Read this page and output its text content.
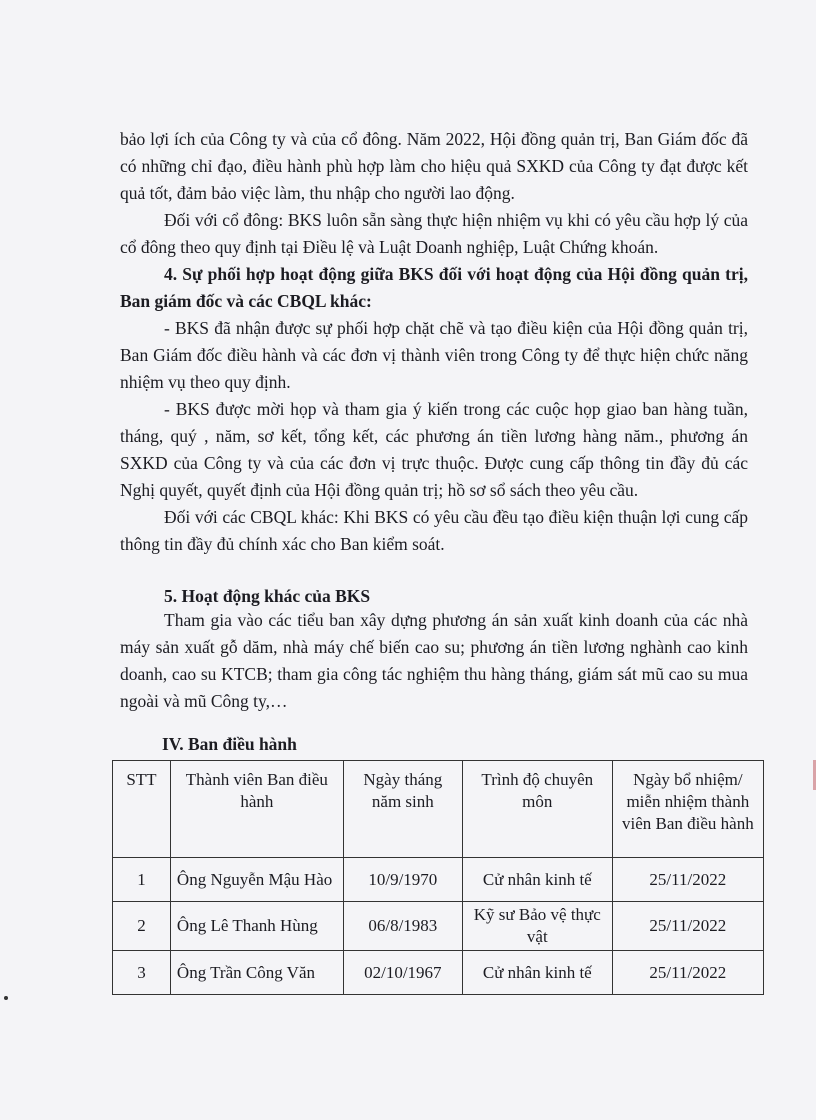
bảo lợi ích của Công ty và của cổ đông. Năm 2022, Hội đồng quản trị, Ban Giám đốc đã có những chỉ đạo, điều hành phù hợp làm cho hiệu quả SXKD của Công ty đạt được kết quả tốt, đảm bảo việc làm, thu nhập cho người lao động.

Đối với cổ đông: BKS luôn sẵn sàng thực hiện nhiệm vụ khi có yêu cầu hợp lý của cổ đông theo quy định tại Điều lệ và Luật Doanh nghiệp, Luật Chứng khoán.

4. Sự phối hợp hoạt động giữa BKS đối với hoạt động của Hội đồng quản trị, Ban giám đốc và các CBQL khác:

- BKS đã nhận được sự phối hợp chặt chẽ và tạo điều kiện của Hội đồng quản trị, Ban Giám đốc điều hành và các đơn vị thành viên trong Công ty để thực hiện chức năng nhiệm vụ theo quy định.

- BKS được mời họp và tham gia ý kiến trong các cuộc họp giao ban hàng tuần, tháng, quý , năm, sơ kết, tổng kết, các phương án tiền lương hàng năm., phương án SXKD của Công ty và của các đơn vị trực thuộc. Được cung cấp thông tin đầy đủ các Nghị quyết, quyết định của Hội đồng quản trị; hồ sơ sổ sách theo yêu cầu.

Đối với các CBQL khác: Khi BKS có yêu cầu đều tạo điều kiện thuận lợi cung cấp thông tin đầy đủ chính xác cho Ban kiểm soát.

5. Hoạt động khác của BKS

Tham gia vào các tiểu ban xây dựng phương án sản xuất kinh doanh của các nhà máy sản xuất gỗ dăm, nhà máy chế biến cao su; phương án tiền lương nghành cao kinh doanh, cao su KTCB; tham gia công tác nghiệm thu hàng tháng, giám sát mũ cao su mua ngoài và mũ Công ty,…

IV. Ban điều hành

STT	Thành viên Ban điều hành	Ngày tháng năm sinh	Trình độ chuyên môn	Ngày bổ nhiệm/ miễn nhiệm thành viên Ban điều hành
1	Ông Nguyễn Mậu Hào	10/9/1970	Cử nhân kinh tế	25/11/2022
2	Ông Lê Thanh Hùng	06/8/1983	Kỹ sư Bảo vệ thực vật	25/11/2022
3	Ông Trần Công Văn	02/10/1967	Cử nhân kinh tế	25/11/2022
